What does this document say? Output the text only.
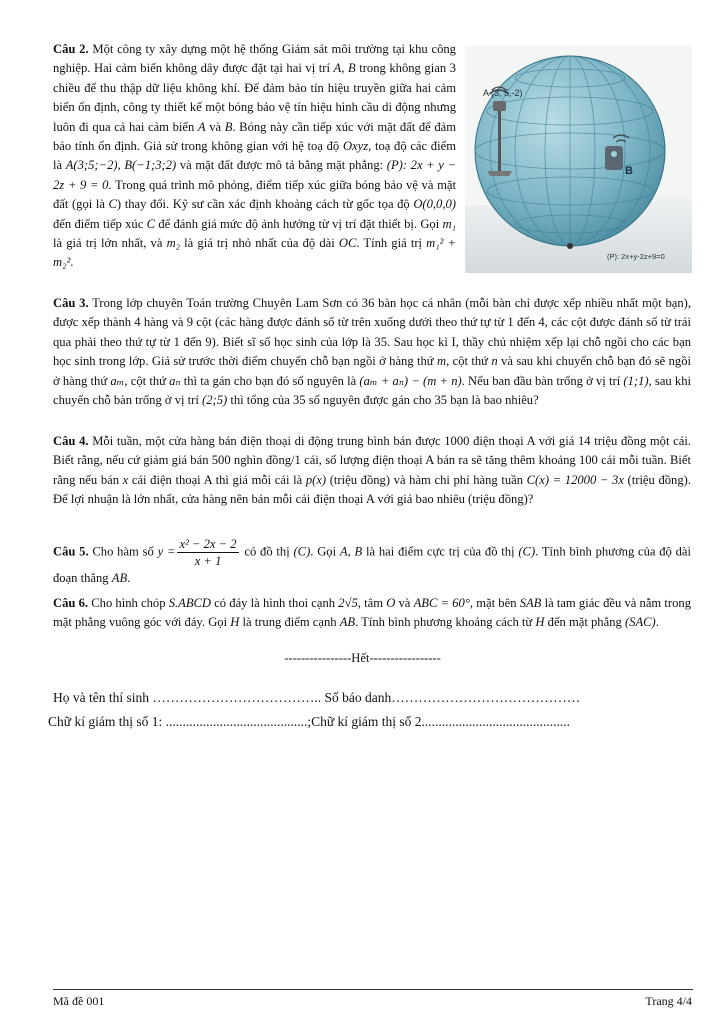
Câu 2. Một công ty xây dựng một hệ thống Giám sát môi trường tại khu công nghiệp. Hai cảm biến không dây được đặt tại hai vị trí A, B trong không gian 3 chiều để thu thập dữ liệu không khí. Để đảm bảo tín hiệu truyền giữa hai cảm biến ổn định, công ty thiết kế một bóng bảo vệ tín hiệu hình cầu di động nhưng luôn đi qua cả hai cảm biến A và B. Bóng này cần tiếp xúc với mặt đất để đảm bảo tính ổn định. Giả sử trong không gian với hệ toạ độ Oxyz, toạ độ các điểm là A(3;5;−2), B(−1;3;2) và mặt đất được mô tả bằng mặt phẳng: (P): 2x + y − 2z + 9 = 0. Trong quá trình mô phỏng, điểm tiếp xúc giữa bóng bảo vệ và mặt đất (gọi là C) thay đổi. Kỹ sư cần xác định khoảng cách từ gốc tọa độ O(0,0,0) đến điểm tiếp xúc C để đánh giá mức độ ảnh hưởng từ vị trí đặt thiết bị. Gọi m₁ là giá trị lớn nhất, và m₂ là giá trị nhỏ nhất của độ dài OC. Tính giá trị m₁² + m₂².
A (3, 5,-2)
B
(P): 2x+y-2z+9=0
Câu 3. Trong lớp chuyên Toán trường Chuyên Lam Sơn có 36 bàn học cá nhân (mỗi bàn chỉ được xếp nhiều nhất một bạn), được xếp thành 4 hàng và 9 cột (các hàng được đánh số từ trên xuống dưới theo thứ tự từ 1 đến 4, các cột được đánh số từ trái qua phải theo thứ tự từ 1 đến 9). Biết sĩ số học sinh của lớp là 35. Sau học kì I, thầy chủ nhiệm xếp lại chỗ ngồi cho các bạn học sinh trong lớp. Giả sử trước thời điểm chuyển chỗ bạn ngồi ở hàng thứ m, cột thứ n và sau khi chuyển chỗ bạn đó sẽ ngồi ở hàng thứ aₘ, cột thứ aₙ thì ta gán cho bạn đó số nguyên là (aₘ + aₙ) − (m + n). Nếu ban đầu bàn trống ở vị trí (1;1), sau khi chuyển chỗ bàn trống ở vị trí (2;5) thì tổng của 35 số nguyên được gán cho 35 bạn là bao nhiêu?
Câu 4. Mỗi tuần, một cửa hàng bán điện thoại di động trung bình bán được 1000 điện thoại A với giá 14 triệu đồng một cái. Biết rằng, nếu cứ giảm giá bán 500 nghìn đồng/1 cái, số lượng điện thoại A bán ra sẽ tăng thêm khoảng 100 cái mỗi tuần. Biết rằng nếu bán x cái điện thoại A thì giá mỗi cái là p(x) (triệu đồng) và hàm chi phí hàng tuần C(x) = 12000 − 3x (triệu đồng). Để lợi nhuận là lớn nhất, cửa hàng nên bán mỗi cái điện thoại A với giá bao nhiêu (triệu đồng)?
Câu 5. Cho hàm số $y = \frac{\text{x² − 2x − 2}}{x + 1}$ có đồ thị (C). Gọi A, B là hai điểm cực trị của đồ thị (C). Tính bình phương của độ dài đoạn thẳng AB.
Câu 6. Cho hình chóp S.ABCD có đáy là hình thoi cạnh 2√5, tâm O và ABC = 60°, mặt bên SAB là tam giác đều và nằm trong mặt phẳng vuông góc với đáy. Gọi H là trung điểm cạnh AB. Tính bình phương khoảng cách từ H đến mặt phẳng (SAC).
----------------Hết-----------------
Họ và tên thí sinh ……………………………….. Số báo danh……………………………………
Chữ kí giám thị số 1: ..........................................;Chữ kí giám thị số 2............................................
Mã đề 001	Trang 4/4
